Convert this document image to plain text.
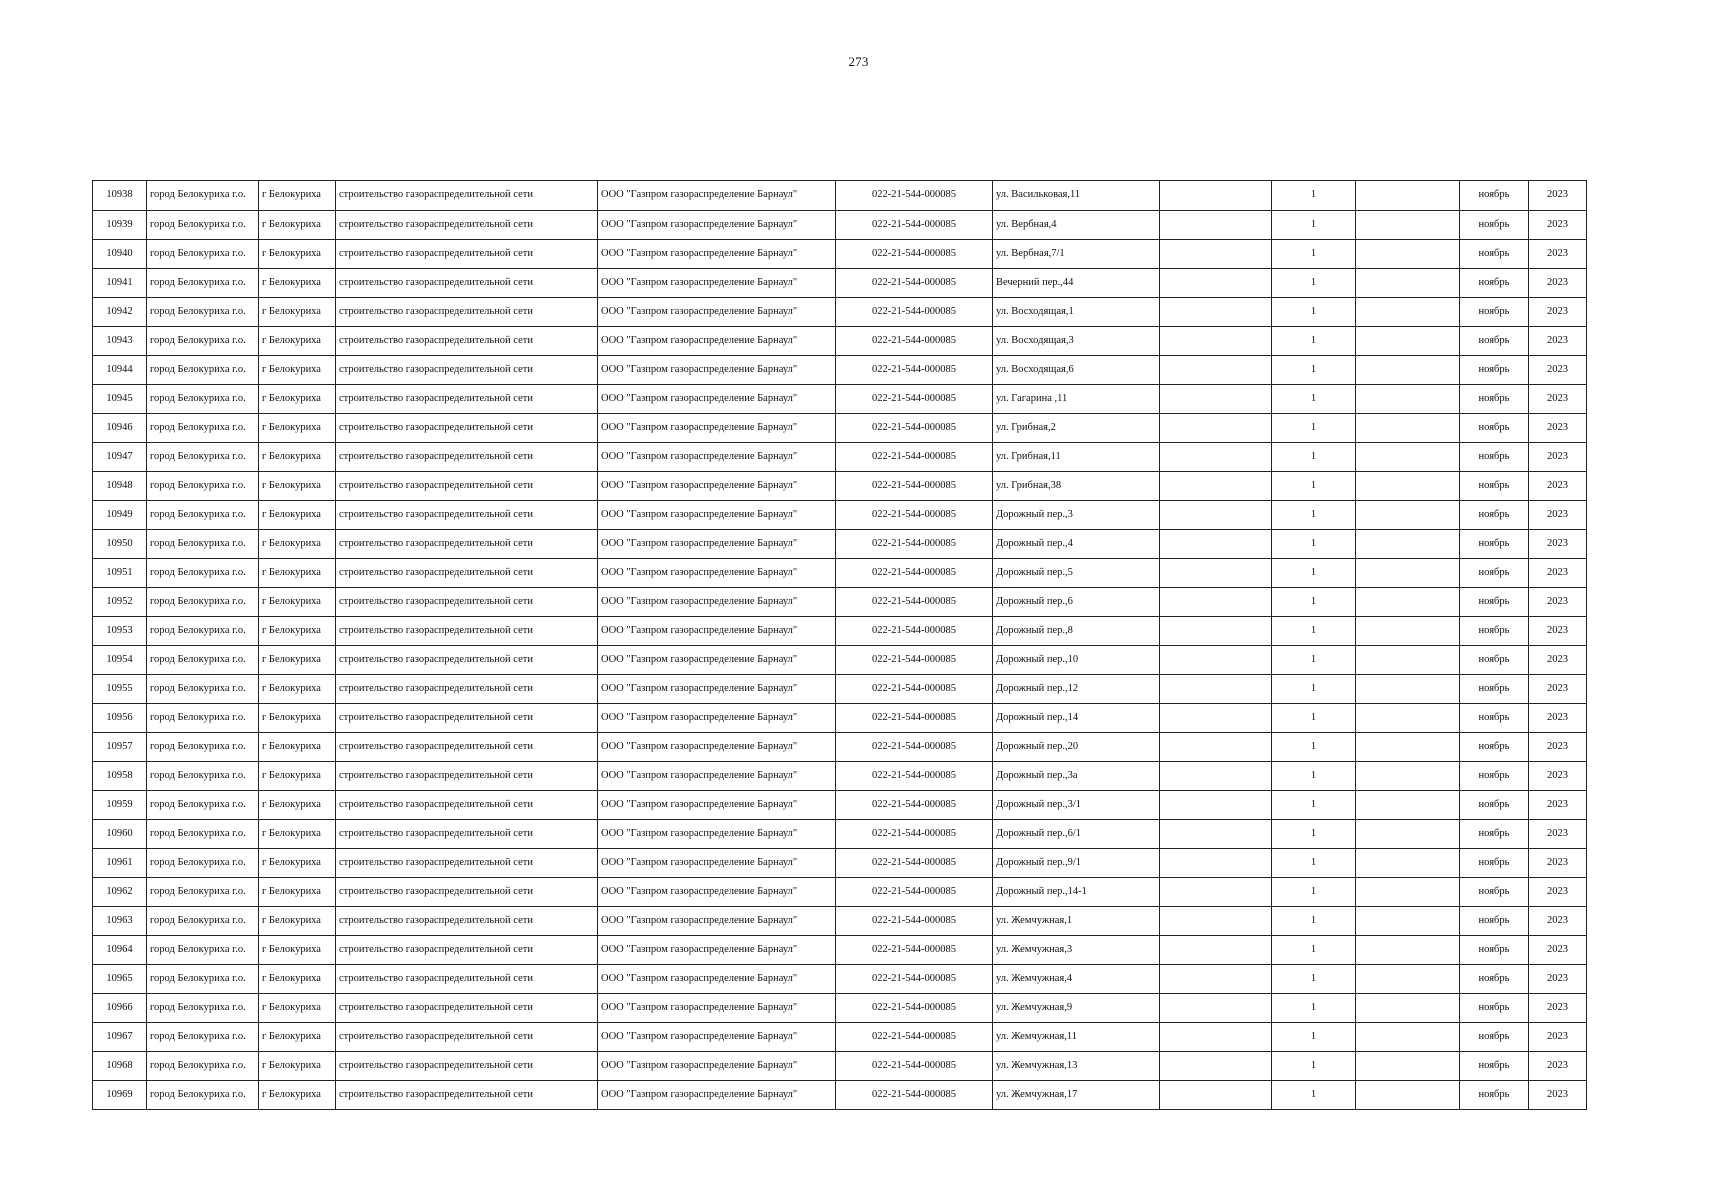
273
10938	город Белокуриха г.о.	г Белокуриха	строительство газораспределительной сети	ООО "Газпром газораспределение Барнаул"	022-21-544-000085	ул. Васильковая,11		1		ноябрь	2023
10939	город Белокуриха г.о.	г Белокуриха	строительство газораспределительной сети	ООО "Газпром газораспределение Барнаул"	022-21-544-000085	ул. Вербная,4		1		ноябрь	2023
10940	город Белокуриха г.о.	г Белокуриха	строительство газораспределительной сети	ООО "Газпром газораспределение Барнаул"	022-21-544-000085	ул. Вербная,7/1		1		ноябрь	2023
10941	город Белокуриха г.о.	г Белокуриха	строительство газораспределительной сети	ООО "Газпром газораспределение Барнаул"	022-21-544-000085	Вечерний пер.,44		1		ноябрь	2023
10942	город Белокуриха г.о.	г Белокуриха	строительство газораспределительной сети	ООО "Газпром газораспределение Барнаул"	022-21-544-000085	ул. Восходящая,1		1		ноябрь	2023
10943	город Белокуриха г.о.	г Белокуриха	строительство газораспределительной сети	ООО "Газпром газораспределение Барнаул"	022-21-544-000085	ул. Восходящая,3		1		ноябрь	2023
10944	город Белокуриха г.о.	г Белокуриха	строительство газораспределительной сети	ООО "Газпром газораспределение Барнаул"	022-21-544-000085	ул. Восходящая,6		1		ноябрь	2023
10945	город Белокуриха г.о.	г Белокуриха	строительство газораспределительной сети	ООО "Газпром газораспределение Барнаул"	022-21-544-000085	ул. Гагарина ,11		1		ноябрь	2023
10946	город Белокуриха г.о.	г Белокуриха	строительство газораспределительной сети	ООО "Газпром газораспределение Барнаул"	022-21-544-000085	ул. Грибная,2		1		ноябрь	2023
10947	город Белокуриха г.о.	г Белокуриха	строительство газораспределительной сети	ООО "Газпром газораспределение Барнаул"	022-21-544-000085	ул. Грибная,11		1		ноябрь	2023
10948	город Белокуриха г.о.	г Белокуриха	строительство газораспределительной сети	ООО "Газпром газораспределение Барнаул"	022-21-544-000085	ул. Грибная,38		1		ноябрь	2023
10949	город Белокуриха г.о.	г Белокуриха	строительство газораспределительной сети	ООО "Газпром газораспределение Барнаул"	022-21-544-000085	Дорожный пер.,3		1		ноябрь	2023
10950	город Белокуриха г.о.	г Белокуриха	строительство газораспределительной сети	ООО "Газпром газораспределение Барнаул"	022-21-544-000085	Дорожный пер.,4		1		ноябрь	2023
10951	город Белокуриха г.о.	г Белокуриха	строительство газораспределительной сети	ООО "Газпром газораспределение Барнаул"	022-21-544-000085	Дорожный пер.,5		1		ноябрь	2023
10952	город Белокуриха г.о.	г Белокуриха	строительство газораспределительной сети	ООО "Газпром газораспределение Барнаул"	022-21-544-000085	Дорожный пер.,6		1		ноябрь	2023
10953	город Белокуриха г.о.	г Белокуриха	строительство газораспределительной сети	ООО "Газпром газораспределение Барнаул"	022-21-544-000085	Дорожный пер.,8		1		ноябрь	2023
10954	город Белокуриха г.о.	г Белокуриха	строительство газораспределительной сети	ООО "Газпром газораспределение Барнаул"	022-21-544-000085	Дорожный пер.,10		1		ноябрь	2023
10955	город Белокуриха г.о.	г Белокуриха	строительство газораспределительной сети	ООО "Газпром газораспределение Барнаул"	022-21-544-000085	Дорожный пер.,12		1		ноябрь	2023
10956	город Белокуриха г.о.	г Белокуриха	строительство газораспределительной сети	ООО "Газпром газораспределение Барнаул"	022-21-544-000085	Дорожный пер.,14		1		ноябрь	2023
10957	город Белокуриха г.о.	г Белокуриха	строительство газораспределительной сети	ООО "Газпром газораспределение Барнаул"	022-21-544-000085	Дорожный пер.,20		1		ноябрь	2023
10958	город Белокуриха г.о.	г Белокуриха	строительство газораспределительной сети	ООО "Газпром газораспределение Барнаул"	022-21-544-000085	Дорожный пер.,3а		1		ноябрь	2023
10959	город Белокуриха г.о.	г Белокуриха	строительство газораспределительной сети	ООО "Газпром газораспределение Барнаул"	022-21-544-000085	Дорожный пер.,3/1		1		ноябрь	2023
10960	город Белокуриха г.о.	г Белокуриха	строительство газораспределительной сети	ООО "Газпром газораспределение Барнаул"	022-21-544-000085	Дорожный пер.,6/1		1		ноябрь	2023
10961	город Белокуриха г.о.	г Белокуриха	строительство газораспределительной сети	ООО "Газпром газораспределение Барнаул"	022-21-544-000085	Дорожный пер.,9/1		1		ноябрь	2023
10962	город Белокуриха г.о.	г Белокуриха	строительство газораспределительной сети	ООО "Газпром газораспределение Барнаул"	022-21-544-000085	Дорожный пер.,14-1		1		ноябрь	2023
10963	город Белокуриха г.о.	г Белокуриха	строительство газораспределительной сети	ООО "Газпром газораспределение Барнаул"	022-21-544-000085	ул. Жемчужная,1		1		ноябрь	2023
10964	город Белокуриха г.о.	г Белокуриха	строительство газораспределительной сети	ООО "Газпром газораспределение Барнаул"	022-21-544-000085	ул. Жемчужная,3		1		ноябрь	2023
10965	город Белокуриха г.о.	г Белокуриха	строительство газораспределительной сети	ООО "Газпром газораспределение Барнаул"	022-21-544-000085	ул. Жемчужная,4		1		ноябрь	2023
10966	город Белокуриха г.о.	г Белокуриха	строительство газораспределительной сети	ООО "Газпром газораспределение Барнаул"	022-21-544-000085	ул. Жемчужная,9		1		ноябрь	2023
10967	город Белокуриха г.о.	г Белокуриха	строительство газораспределительной сети	ООО "Газпром газораспределение Барнаул"	022-21-544-000085	ул. Жемчужная,11		1		ноябрь	2023
10968	город Белокуриха г.о.	г Белокуриха	строительство газораспределительной сети	ООО "Газпром газораспределение Барнаул"	022-21-544-000085	ул. Жемчужная,13		1		ноябрь	2023
10969	город Белокуриха г.о.	г Белокуриха	строительство газораспределительной сети	ООО "Газпром газораспределение Барнаул"	022-21-544-000085	ул. Жемчужная,17		1		ноябрь	2023
